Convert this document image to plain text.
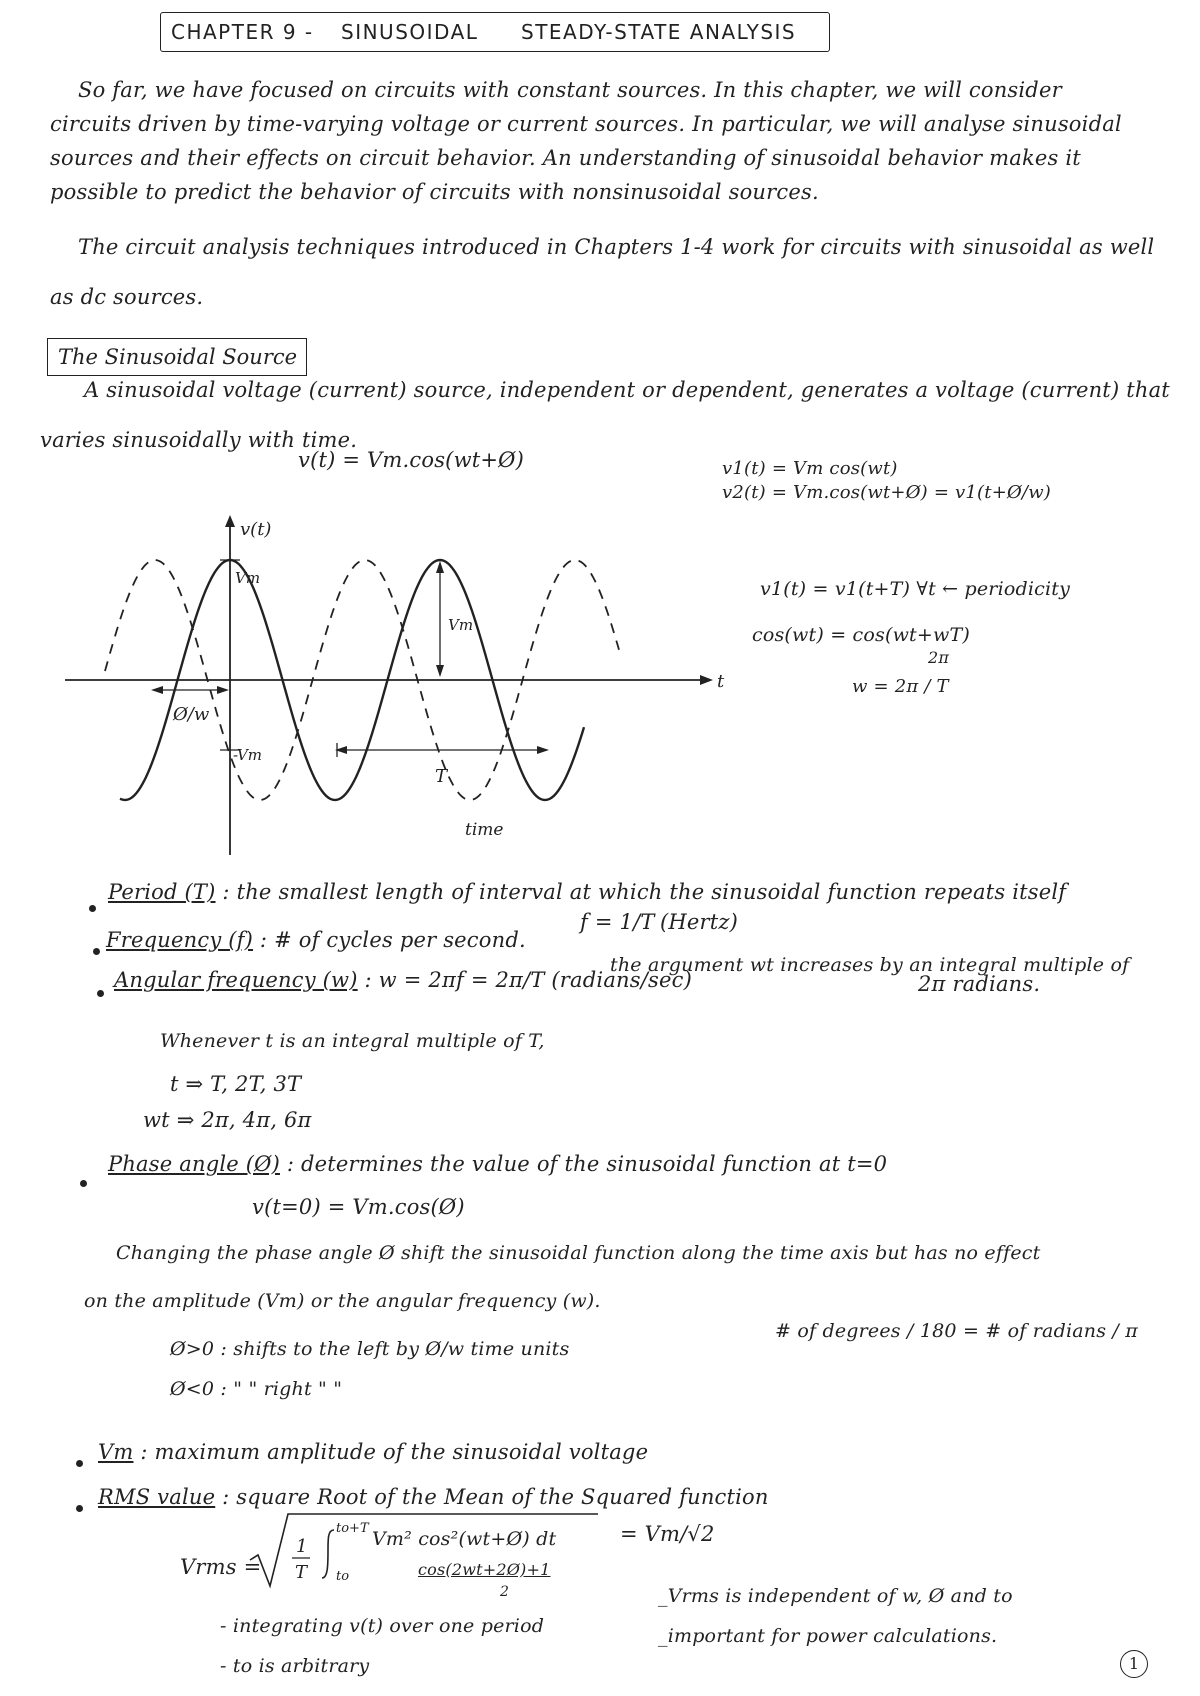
CHAPTER 9 - SINUSOIDAL STEADY-STATE ANALYSIS
So far, we have focused on circuits with constant sources. In this chapter, we will consider
circuits driven by time-varying voltage or current sources. In particular, we will analyse sinusoidal
sources and their effects on circuit behavior. An understanding of sinusoidal behavior makes it
possible to predict the behavior of circuits with nonsinusoidal sources.
The circuit analysis techniques introduced in Chapters 1-4 work for circuits with sinusoidal as well
as dc sources.
The Sinusoidal Source
A sinusoidal voltage (current) source, independent or dependent, generates a voltage (current) that
varies sinusoidally with time.
v(t) = Vm.cos(wt+Ø)	v1(t) = Vm cos(wt)
v2(t) = Vm.cos(wt+Ø) = v1(t+Ø/w)
v1(t) = v1(t+T) ∀t ← periodicity
cos(wt) = cos(wt+wT)
2π
w = 2π / T
v(t)
t
Vm
Vm
-Vm
Ø/w
T
time
Period (T) : the smallest length of interval at which the sinusoidal function repeats itself
Frequency (f) : # of cycles per second.
f = 1/T (Hertz)
Angular frequency (w) : w = 2πf = 2π/T (radians/sec)
the argument wt increases by an integral multiple of
2π radians.
Whenever t is an integral multiple of T,
t ⇒ T, 2T, 3T
wt ⇒ 2π, 4π, 6π
Phase angle (Ø) : determines the value of the sinusoidal function at t=0
v(t=0) = Vm.cos(Ø)
Changing the phase angle Ø shift the sinusoidal function along the time axis but has no effect
on the amplitude (Vm) or the angular frequency (w).
Ø>0 : shifts to the left by Ø/w time units
Ø<0 : " " right " "
# of degrees / 180 = # of radians / π
Vm : maximum amplitude of the sinusoidal voltage
RMS value : square Root of the Mean of the Squared function
Vrms =
1
T
to+T
to
Vm² cos²(wt+Ø) dt
cos(2wt+2Ø)+1
2
= Vm/√2
- integrating v(t) over one period
- to is arbitrary
_Vrms is independent of w, Ø and to
_important for power calculations.
1
